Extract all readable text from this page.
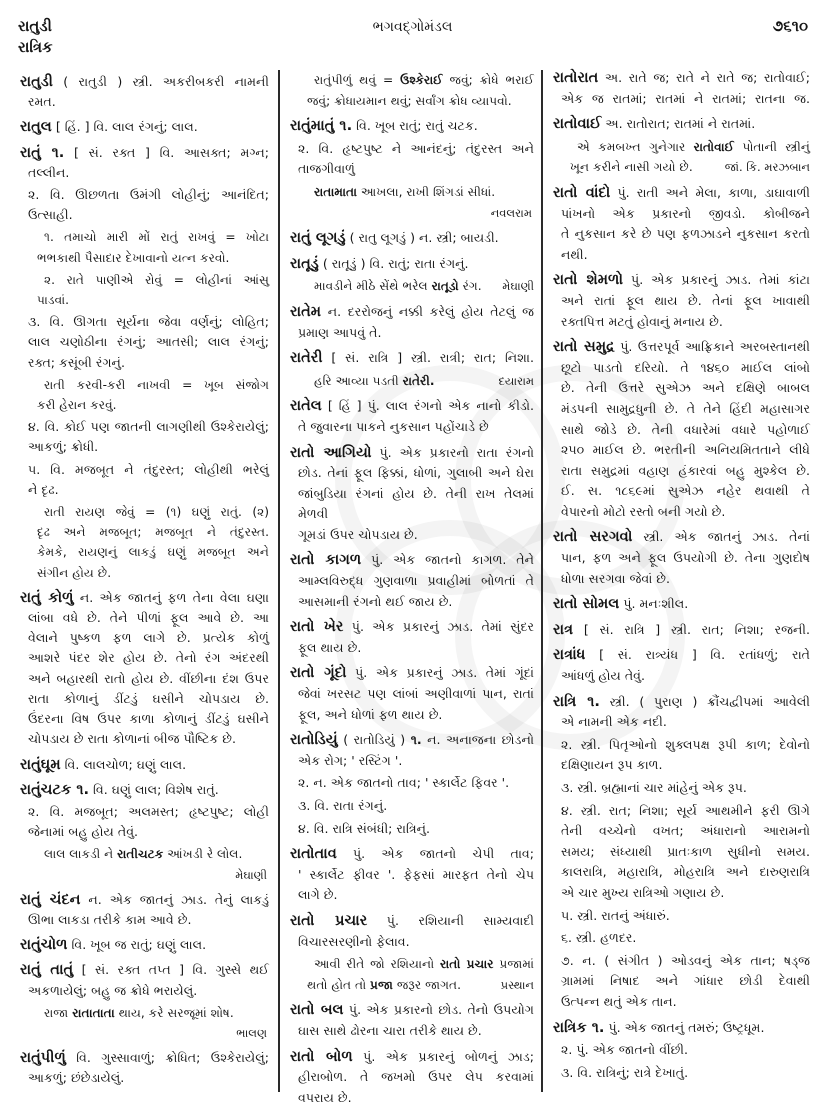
રાતુડી
રાત્રિક
ભગવદ્ગોમંડલ	૭૬૧૦
રાતુડી ( રાતુડી ) સ્ત્રી. અકરીબકરી નામની
રમત.
રાતુલ [ હિં. ] વિ. લાલ રંગનું; લાલ.
રાતું ૧. [ સં. રક્ત ] વિ. આસક્ત; મગ્ન;
તલ્લીન.
૨. વિ. ઊછળતા ઉમંગી લોહીનું; આનંદિત;
ઉત્સાહી.
૧. તમાચો મારી મોં રાતું રાખવું = ખોટા
ભભકાથી પૈસાદાર દેખાવાનો યત્ન કરવો.
૨. રાતે પાણીએ રોવું = લોહીનાં આંસુ
પાડવાં.
૩. વિ. ઊગતા સૂર્યના જેવા વર્ણનું; લોહિત;
લાલ ચણોઠીના રંગનું; આતસી; લાલ રંગનું;
રક્ત; કસૂંબી રંગનું.
રાતી કરવી-કરી નાખવી = ખૂબ સંજોગ
કરી હેરાન કરવું.
૪. વિ. કોઈ પણ જાતની લાગણીથી ઉશ્કેરાયેલું;
આકળું; ક્રોધી.
૫. વિ. મજબૂત ને તંદુરસ્ત; લોહીથી ભરેલું
ને દૃઢ.
રાતી રાયણ જેવું = (૧) ઘણું રાતું. (૨)
દૃઢ અને મજબૂત; મજબૂત ને તંદુરસ્ત.
કેમકે, રાયણનું લાકડું ઘણું મજબૂત અને
સંગીન હોય છે.
રાતું કોળું ન. એક જાતનું ફળ તેના વેલા ઘણા
લાંબા વધે છે. તેને પીળાં ફૂલ આવે છે. આ
વેલાને પુષ્કળ ફળ લાગે છે. પ્રત્યેક કોળું
આશરે પંદર શેર હોય છે. તેનો રંગ અંદરથી
અને બહારથી રાતો હોય છે. વીંછીના દંશ ઉપર
રાતા કોળાનું ડીંટડું ઘસીને ચોપડાય છે.
ઉંદરના વિષ ઉપર કાળા કોળાનું ડીંટડું ઘસીને
ચોપડાય છે રાતા કોળાનાં બીજ પૌષ્ટિક છે.
રાતુંઘૂમ વિ. લાલચોળ; ઘણું લાલ.
રાતુંચટક ૧. વિ. ઘણું લાલ; વિશેષ રાતું.
૨. વિ. મજબૂત; અલમસ્ત; હૃષ્ટપુષ્ટ; લોહી
જેનામાં બહુ હોય તેવું.
લાલ લાકડી ને રાતીચટક આંખડી રે લોલ.
મેઘાણી
રાતું ચંદન ન. એક જાતનું ઝાડ. તેનું લાકડું
ઊભા લાકડા તરીકે કામ આવે છે.
રાતુંચોળ વિ. ખૂબ જ રાતું; ઘણું લાલ.
રાતું તાતું [ સં. રક્ત તપ્ત ] વિ. ગુસ્સે થઈ
અકળાયેલું; બહુ જ ક્રોધે ભરાયેલું.
રાજા રાતાતાતા થાય, કરે સરજૂમાં શોષ.
ભાલણ
રાતુંપીળું વિ. ગુસ્સાવાળું; ક્રોધિત; ઉશ્કેરાયેલું;
આકળું; છંછેડાયેલું.
રાતુંપીળું થવું = ઉશ્કેરાઈ જવું; ક્રોધે ભરાઈ
જવું; ક્રોધાયમાન થવું; સર્વાંગ ક્રોધ વ્યાપવો.
રાતુંમાતું ૧. વિ. ખૂબ રાતું; રાતું ચટક.
૨. વિ. હૃષ્ટપુષ્ટ ને આનંદનું; તંદુરસ્ત અને
તાજગીવાળું
રાતામાતા આખલા, રાખી શિંગડાં સીધાં.
નવલરામ
રાતું લૂગડું ( રાતુ લૂગડું ) ન. સ્ત્રી; બાયડી.
રાતૂડું ( રાતૂડું ) વિ. રાતું; રાતા રંગનું.
મેઘાણી
માવડીને મીઠે સેંથે ભરેલ રાતૂડો રંગ.
રાતેમ ન. દરરોજનું નક્કી કરેલું હોય તેટલું જ
પ્રમાણ આપવું તે.
રાતેરી [ સં. રાત્રિ ] સ્ત્રી. રાત્રી; રાત; નિશા.
દયારામ
હરિ આવ્યા પડતી રાતેરી.
રાતેલ [ હિં ] પું. લાલ રંગનો એક નાનો કીડો.
તે જુવારના પાકને નુકસાન પહોંચાડે છે
રાતો આગિયો પું. એક પ્રકારનો રાતા રંગનો
છોડ. તેનાં ફૂલ ફિક્કાં, ધોળાં, ગુલાબી અને ઘેરા
જાંબુડિયા રંગનાં હોય છે. તેની રાખ તેલમાં મેળવી
ગૂમડાં ઉપર ચોપડાય છે.
રાતો કાગળ પું. એક જાતનો કાગળ. તેને
આમ્લવિરુદ્ધ ગુણવાળા પ્રવાહીમાં બોળતાં તે
આસમાની રંગનો થઈ જાય છે.
રાતો ખેર પું. એક પ્રકારનું ઝાડ. તેમાં સુંદર
ફૂલ થાય છે.
રાતો ગૂંદો પું. એક પ્રકારનું ઝાડ. તેમાં ગૂંદાં
જેવાં ખરસટ પણ લાંબાં અણીવાળાં પાન, રાતાં
ફૂલ, અને ધોળાં ફળ થાય છે.
રાતોડિયું ( રાતોડિયું ) ૧. ન. અનાજના છોડનો
એક રોગ; ' રસ્ટિંગ '.
૨. ન. એક જાતનો તાવ; ' સ્કાર્લેટ ફિવર '.
૩. વિ. રાતા રંગનું.
૪. વિ. રાત્રિ સંબંધી; રાત્રિનું.
રાતોતાવ પું. એક જાતનો ચેપી તાવ;
' સ્કાર્લેટ ફીવર '. ફેફસાં મારફત તેનો ચેપ
લાગે છે.
રાતો પ્રચાર પું. રશિયાની સામ્યવાદી
વિચારસરણીનો ફેલાવ.
આવી રીતે જો રશિયાનો રાતો પ્રચાર પ્રજામાં
પ્રસ્થાન
થતો હોત તો પ્રજા જરૂર જાગત.
રાતો બલ પું. એક પ્રકારનો છોડ. તેનો ઉપયોગ
ઘાસ સાથે ઢોરના ચારા તરીકે થાય છે.
રાતો બોળ પું. એક પ્રકારનું બોળનું ઝાડ;
હીરાબોળ. તે જખમો ઉપર લેપ કરવામાં
વપરાય છે.
રાતોરાત અ. રાતે જ; રાતે ને રાતે જ; રાતોવાઈ;
એક જ રાતમાં; રાતમાં ને રાતમાં; રાતના જ.
રાતોવાઈ અ. રાતોરાત; રાતમાં ને રાતમાં.
એ કમબખ્ત ગુનેગાર રાતોવાઈ પોતાની સ્ત્રીનું
જાં. કિ. મરઝબાન
ખૂન કરીને નાસી ગયો છે.
રાતો વાંદો પું. રાતી અને મેલા, કાળા, ડાઘાવાળી
પાંખનો એક પ્રકારનો જીવડો. કોબીજને
તે નુકસાન કરે છે પણ ફળઝાડને નુકસાન કરતો
નથી.
રાતો શેમળો પું. એક પ્રકારનું ઝાડ. તેમાં કાંટા
અને રાતાં ફૂલ થાય છે. તેનાં ફૂલ ખાવાથી
રક્તપિત્ત મટતું હોવાનું મનાય છે.
રાતો સમુદ્ર પું. ઉત્તરપૂર્વ આફ્રિકાને અરબસ્તાનથી
છૂટો પાડતો દરિયો. તે ૧૪૬૦ માઈલ લાંબો
છે. તેની ઉત્તરે સુએઝ અને દક્ષિણે બાબલ
મંડપની સામુદ્રધુની છે. તે તેને હિંદી મહાસાગર
સાથે જોડે છે. તેની વધારેમાં વધારે પહોળાઈ
૨૫૦ માઈલ છે. ભરતીની અનિયમિતતાને લીધે
રાતા સમુદ્રમાં વહાણ હંકારવાં બહુ મુશ્કેલ છે.
ઈ. સ. ૧૮૬૯માં સુએઝ નહેર થવાથી તે
વેપારનો મોટો રસ્તો બની ગયો છે.
રાતો સરગવો સ્ત્રી. એક જાતનું ઝાડ. તેનાં
પાન, ફળ અને ફૂલ ઉપયોગી છે. તેના ગુણદોષ
ધોળા સરગવા જેવાં છે.
રાતો સોમલ પું. મનઃશીલ.
રાત્ર [ સં. રાત્રિ ] સ્ત્રી. રાત; નિશા; રજની.
રાત્રાંધ [ સં. રાત્ર્યંધ ] વિ. રતાંધળું; રાતે
આંધળું હોય તેવું.
રાત્રિ ૧. સ્ત્રી. ( પુરાણ ) ક્રૌંચદ્વીપમાં આવેલી
એ નામની એક નદી.
૨. સ્ત્રી. પિતૃઓનો શુક્લપક્ષ રૂપી કાળ; દેવોનો
દક્ષિણાયન રૂપ કાળ.
૩. સ્ત્રી. બ્રહ્માનાં ચાર માંહેનું એક રૂપ.
૪. સ્ત્રી. રાત; નિશા; સૂર્ય આથમીને ફરી ઊગે
તેની વચ્ચેનો વખત; અંધારાનો આરામનો
સમય; સંધ્યાથી પ્રાતઃકાળ સુધીનો સમય.
કાલરાત્રિ, મહારાત્રિ, મોહરાત્રિ અને દારુણરાત્રિ
એ ચાર મુખ્ય રાત્રિઓ ગણાય છે.
૫. સ્ત્રી. રાતનું અંધારું.
૬. સ્ત્રી. હળદર.
૭. ન. ( સંગીત ) ઓડવનું એક તાન; ષડ્જ
ગ્રામમાં નિષાદ અને ગાંધાર છોડી દેવાથી
ઉત્પન્ન થતું એક તાન.
રાત્રિક ૧. પું. એક જાતનું તમરું; ઉષ્ટ્રધૂમ.
૨. પું. એક જાતનો વીંછી.
૩. વિ. રાત્રિનું; રાત્રે દેખાતું.
